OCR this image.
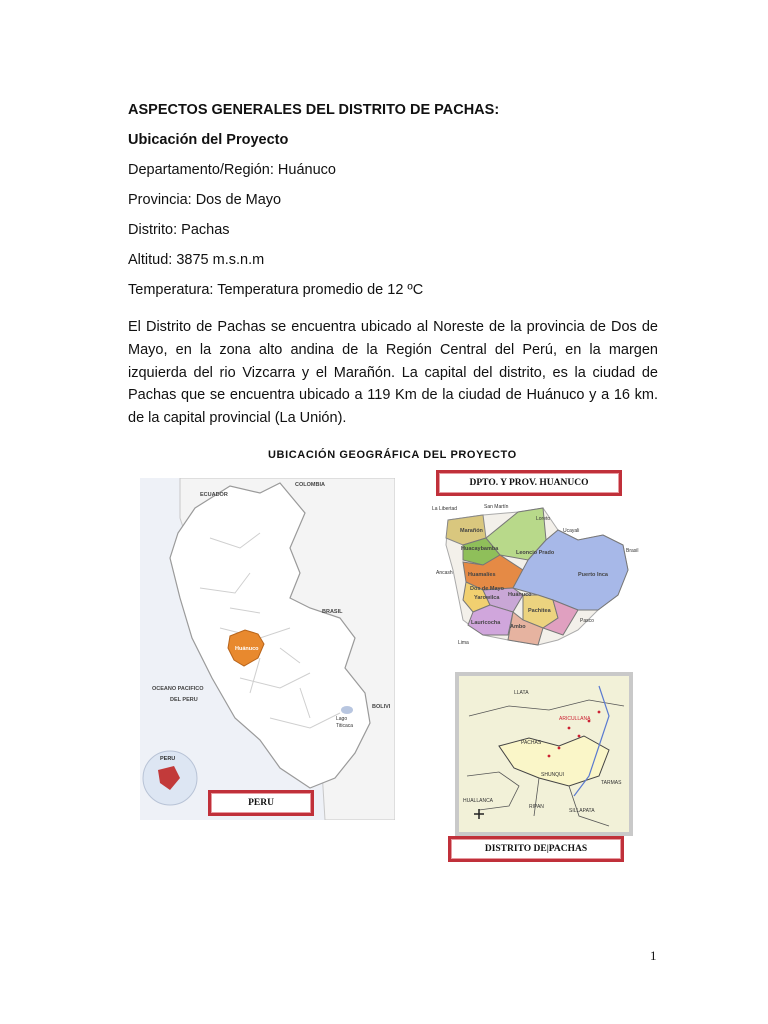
ASPECTOS GENERALES DEL DISTRITO DE PACHAS:
Ubicación del Proyecto
Departamento/Región: Huánuco
Provincia: Dos de Mayo
Distrito: Pachas
Altitud: 3875 m.s.n.m
Temperatura: Temperatura promedio de 12 ºC
El Distrito de Pachas se encuentra ubicado al Noreste de la provincia de Dos de Mayo, en la zona alto andina de la Región Central del Perú, en la margen izquierda del rio Vizcarra y el Marañón. La capital del distrito, es la ciudad de Pachas que se encuentra ubicado a 119 Km de la ciudad de Huánuco y a 16 km. de la capital provincial (La Unión).
UBICACIÓN GEOGRÁFICA DEL PROYECTO
ECUADOR
COLOMBIA
BRASIL
OCEANO PACIFICO
DEL PERU
Huánuco
Lago
Titicaca
BOLIVI
PERU
PERU
DPTO. Y PROV. HUANUCO
La Libertad	San Martín
Loreto
Ucayali
Brasil
Ancash
Pasco
Lima
Marañón
Huacaybamba
Leoncio Prado
Huamalíes
Dos de Mayo
Yarowilca Huánuco
Puerto Inca
Pachitea
Lauricocha
Ambo
LLATA
PACHAS
SHUNQUI
RIPAN
TARMAS
SILLAPATA
HUALLANCA
ARICULLANA
DISTRITO DE|PACHAS
1
